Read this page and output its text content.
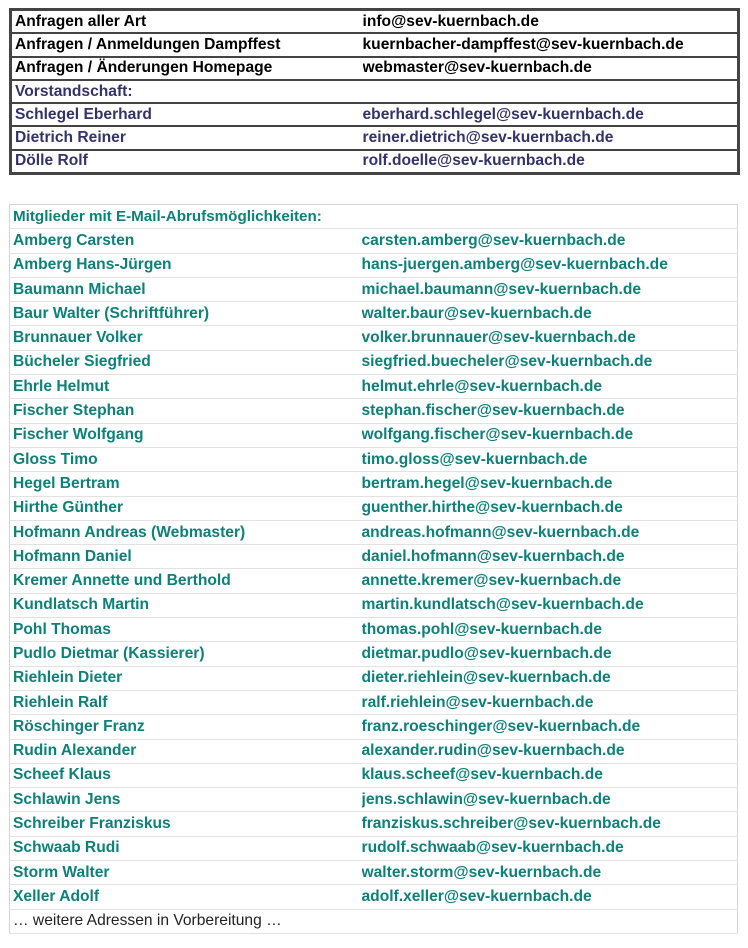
Anfragen aller Art	info@sev-kuernbach.de
Anfragen / Anmeldungen Dampffest	kuernbacher-dampffest@sev-kuernbach.de
Anfragen / Änderungen Homepage	webmaster@sev-kuernbach.de
Vorstandschaft:	
Schlegel Eberhard	eberhard.schlegel@sev-kuernbach.de
Dietrich Reiner	reiner.dietrich@sev-kuernbach.de
Dölle Rolf	rolf.doelle@sev-kuernbach.de
Mitglieder mit E-Mail-Abrufsmöglichkeiten:	
Amberg Carsten	carsten.amberg@sev-kuernbach.de
Amberg Hans-Jürgen	hans-juergen.amberg@sev-kuernbach.de
Baumann Michael	michael.baumann@sev-kuernbach.de
Baur Walter (Schriftführer)	walter.baur@sev-kuernbach.de
Brunnauer Volker	volker.brunnauer@sev-kuernbach.de
Bücheler Siegfried	siegfried.buecheler@sev-kuernbach.de
Ehrle Helmut	helmut.ehrle@sev-kuernbach.de
Fischer Stephan	stephan.fischer@sev-kuernbach.de
Fischer Wolfgang	wolfgang.fischer@sev-kuernbach.de
Gloss Timo	timo.gloss@sev-kuernbach.de
Hegel Bertram	bertram.hegel@sev-kuernbach.de
Hirthe Günther	guenther.hirthe@sev-kuernbach.de
Hofmann Andreas (Webmaster)	andreas.hofmann@sev-kuernbach.de
Hofmann Daniel	daniel.hofmann@sev-kuernbach.de
Kremer Annette und Berthold	annette.kremer@sev-kuernbach.de
Kundlatsch Martin	martin.kundlatsch@sev-kuernbach.de
Pohl Thomas	thomas.pohl@sev-kuernbach.de
Pudlo Dietmar (Kassierer)	dietmar.pudlo@sev-kuernbach.de
Riehlein Dieter	dieter.riehlein@sev-kuernbach.de
Riehlein Ralf	ralf.riehlein@sev-kuernbach.de
Röschinger Franz	franz.roeschinger@sev-kuernbach.de
Rudin Alexander	alexander.rudin@sev-kuernbach.de
Scheef Klaus	klaus.scheef@sev-kuernbach.de
Schlawin Jens	jens.schlawin@sev-kuernbach.de
Schreiber Franziskus	franziskus.schreiber@sev-kuernbach.de
Schwaab Rudi	rudolf.schwaab@sev-kuernbach.de
Storm Walter	walter.storm@sev-kuernbach.de
Xeller Adolf	adolf.xeller@sev-kuernbach.de
… weitere Adressen in Vorbereitung …	
